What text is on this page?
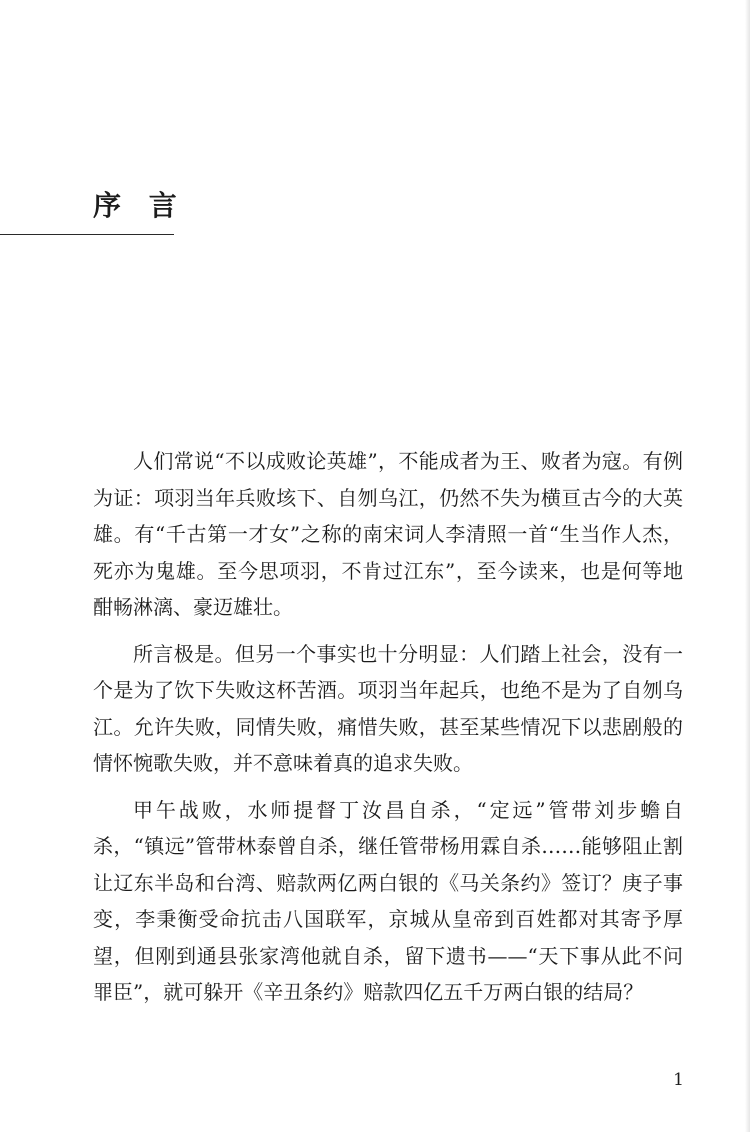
序 言

人们常说“不以成败论英雄”，不能成者为王、败者为寇。有例为证：项羽当年兵败垓下、自刎乌江，仍然不失为横亘古今的大英雄。有“千古第一才女”之称的南宋词人李清照一首“生当作人杰，死亦为鬼雄。至今思项羽，不肯过江东”，至今读来，也是何等地酣畅淋漓、豪迈雄壮。

所言极是。但另一个事实也十分明显：人们踏上社会，没有一个是为了饮下失败这杯苦酒。项羽当年起兵，也绝不是为了自刎乌江。允许失败，同情失败，痛惜失败，甚至某些情况下以悲剧般的情怀惋歌失败，并不意味着真的追求失败。

甲午战败，水师提督丁汝昌自杀，“定远”管带刘步蟾自杀，“镇远”管带林泰曾自杀，继任管带杨用霖自杀……能够阻止割让辽东半岛和台湾、赔款两亿两白银的《马关条约》签订？庚子事变，李秉衡受命抗击八国联军，京城从皇帝到百姓都对其寄予厚望，但刚到通县张家湾他就自杀，留下遗书——“天下事从此不问罪臣”，就可躲开《辛丑条约》赔款四亿五千万两白银的结局？

1
